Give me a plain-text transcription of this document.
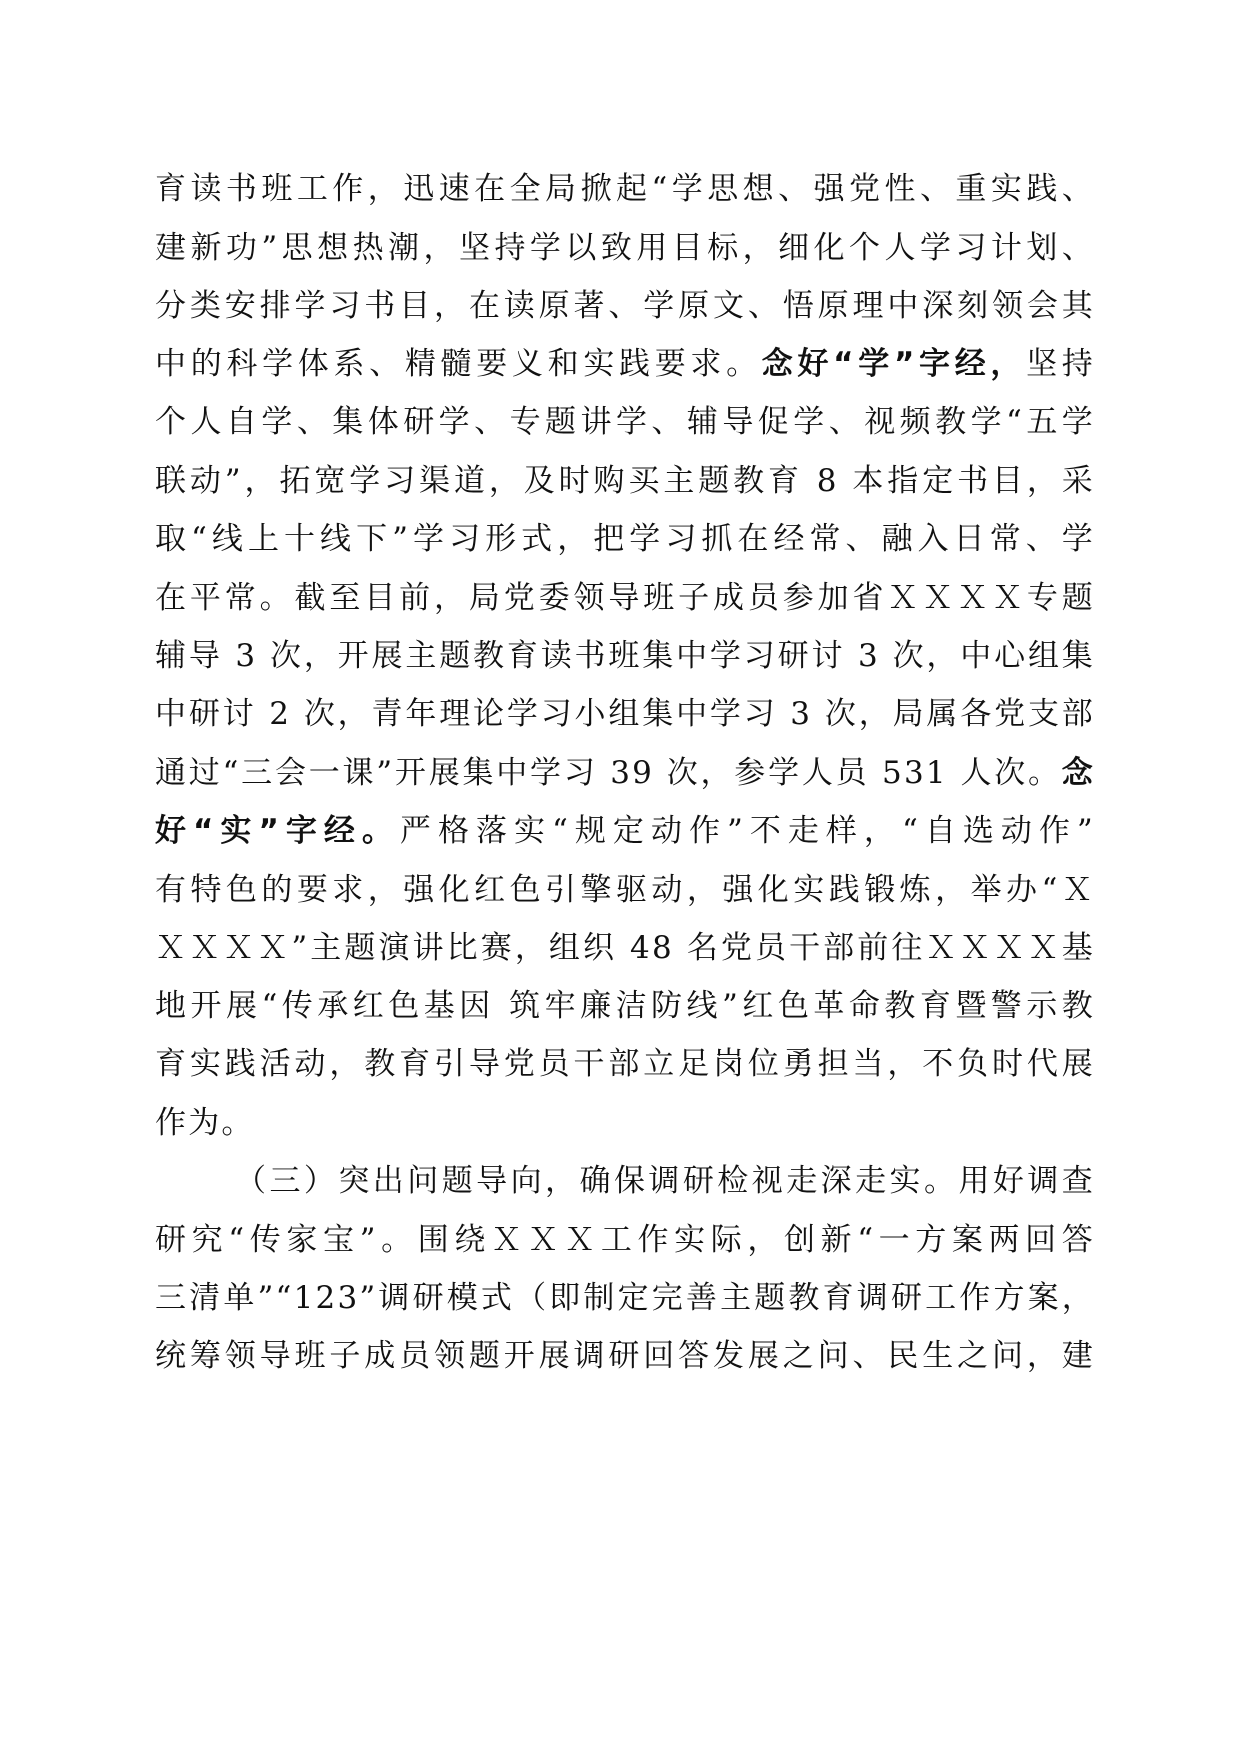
育读书班工作，迅速在全局掀起“学思想、强党性、重实践、
建新功”思想热潮，坚持学以致用目标，细化个人学习计划、
分类安排学习书目，在读原著、学原文、悟原理中深刻领会其
中的科学体系、精髓要义和实践要求。念好“学”字经，坚持
个人自学、集体研学、专题讲学、辅导促学、视频教学“五学
联动”，拓宽学习渠道，及时购买主题教育 8 本指定书目，采
取“线上十线下”学习形式，把学习抓在经常、融入日常、学
在平常。截至目前，局党委领导班子成员参加省ＸＸＸＸ专题
辅导 3 次，开展主题教育读书班集中学习研讨 3 次，中心组集
中研讨 2 次，青年理论学习小组集中学习 3 次，局属各党支部
通过“三会一课”开展集中学习 39 次，参学人员 531 人次。念
好“实”字经。严格落实“规定动作”不走样，“自选动作”
有特色的要求，强化红色引擎驱动，强化实践锻炼，举办“Ｘ
ＸＸＸＸ”主题演讲比赛，组织 48 名党员干部前往ＸＸＸＸ基
地开展“传承红色基因 筑牢廉洁防线”红色革命教育暨警示教
育实践活动，教育引导党员干部立足岗位勇担当，不负时代展
作为。
（三）突出问题导向，确保调研检视走深走实。用好调查
研究“传家宝”。围绕ＸＸＸ工作实际，创新“一方案两回答
三清单”“123”调研模式（即制定完善主题教育调研工作方案，
统筹领导班子成员领题开展调研回答发展之问、民生之问，建
